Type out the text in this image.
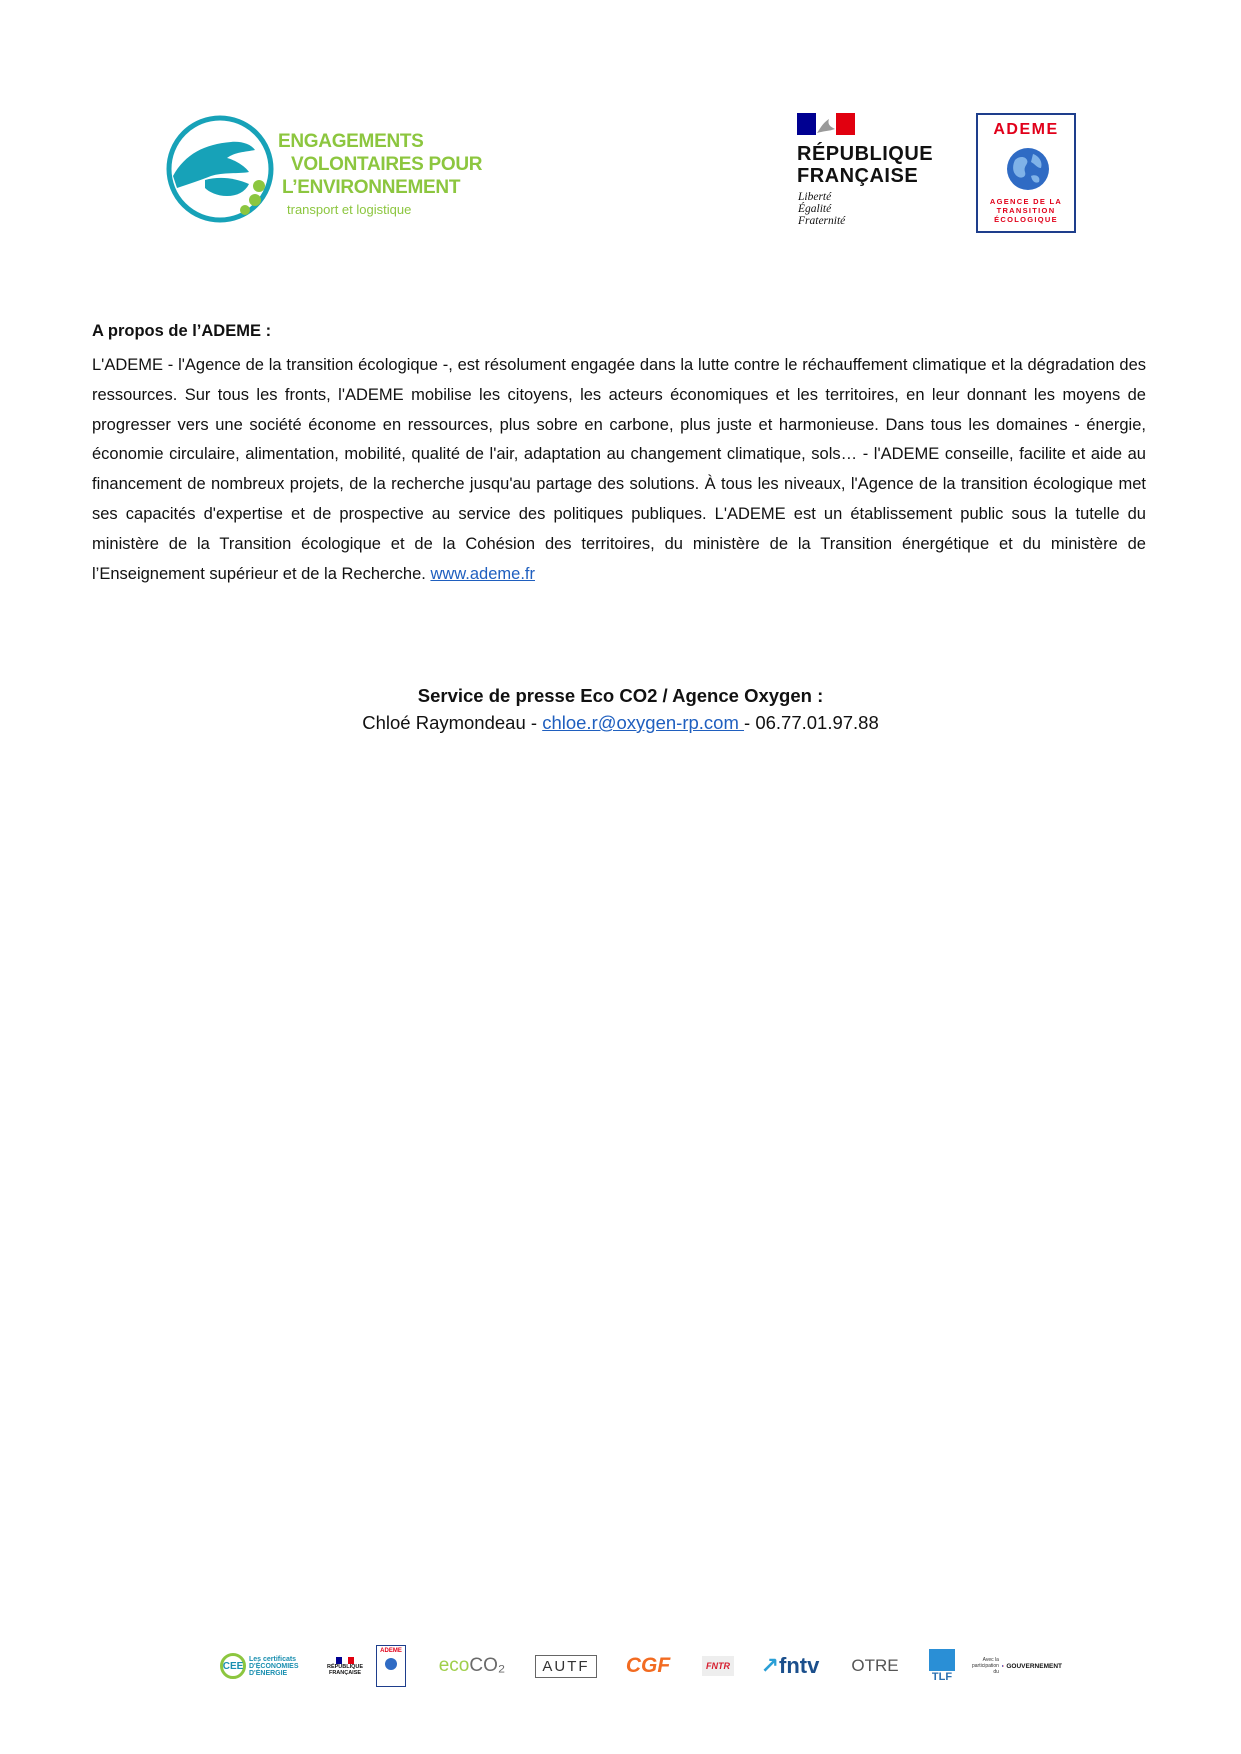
ENGAGEMENTS
VOLONTAIRES POUR
L’ENVIRONNEMENT
transport et logistique
RÉPUBLIQUE
FRANÇAISE
Liberté
Égalité
Fraternité
ADEME
AGENCE DE LA
TRANSITION
ÉCOLOGIQUE
A propos de l’ADEME :

L'ADEME - l'Agence de la transition écologique -, est résolument engagée dans la lutte contre le réchauffement climatique et la dégradation des ressources. Sur tous les fronts, l'ADEME mobilise les citoyens, les acteurs économiques et les territoires, en leur donnant les moyens de progresser vers une société économe en ressources, plus sobre en carbone, plus juste et harmonieuse. Dans tous les domaines - énergie, économie circulaire, alimentation, mobilité, qualité de l'air, adaptation au changement climatique, sols… - l'ADEME conseille, facilite et aide au financement de nombreux projets, de la recherche jusqu'au partage des solutions. À tous les niveaux, l'Agence de la transition écologique met ses capacités d'expertise et de prospective au service des politiques publiques. L'ADEME est un établissement public sous la tutelle du ministère de la Transition écologique et de la Cohésion des territoires, du ministère de la Transition énergétique et du ministère de l’Enseignement supérieur et de la Recherche. www.ademe.fr

Service de presse Eco CO2 / Agence Oxygen :
Chloé Raymondeau - chloe.r@oxygen-rp.com - 06.77.01.97.88
CEE
Les certificats D'ÉCONOMIES D'ÉNERGIE
RÉPUBLIQUE FRANÇAISE
ADEME
eco CO₂	AUTF	CGF	FNTR ↗ fntv OTRE
TLF
Avec la participation du
GOUVERNEMENT
